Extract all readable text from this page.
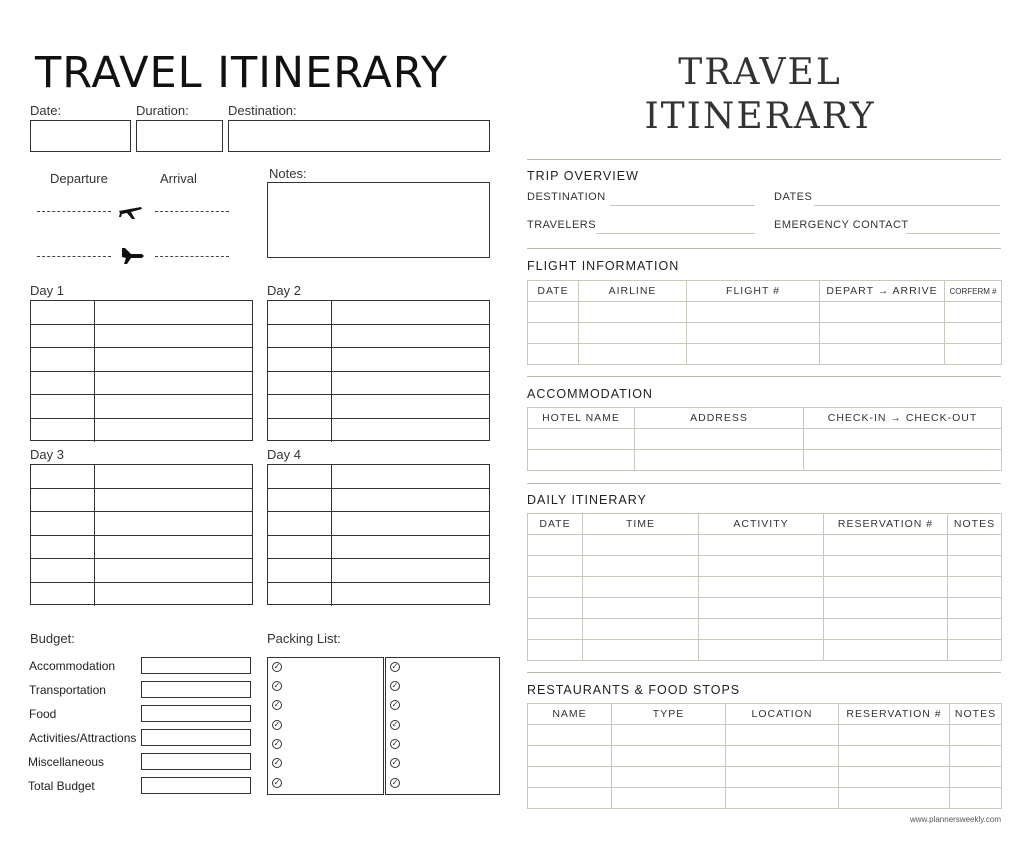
TRAVEL ITINERARY
Date:	Duration:	Destination:
Departure	Arrival	Notes:
Day 1	Day 2
Day 3	Day 4
Budget:
Accommodation
Transportation
Food
Activities/Attractions
Miscellaneous
Total Budget
Packing List:
✓
✓
✓
✓
✓
✓
✓
✓
✓
✓
✓
✓
✓
✓
TRAVEL
ITINERARY
TRIP OVERVIEW
DESTINATION	DATES
TRAVELERS	EMERGENCY CONTACT
FLIGHT INFORMATION
DATE	AIRLINE	FLIGHT #	DEPART → ARRIVE	CORFERM #

ACCOMMODATION
HOTEL NAME	ADDRESS	CHECK-IN → CHECK-OUT

DAILY ITINERARY
DATE	TIME	ACTIVITY	RESERVATION #	NOTES

RESTAURANTS & FOOD STOPS
NAME	TYPE	LOCATION	RESERVATION #	NOTES

www.plannersweekly.com
